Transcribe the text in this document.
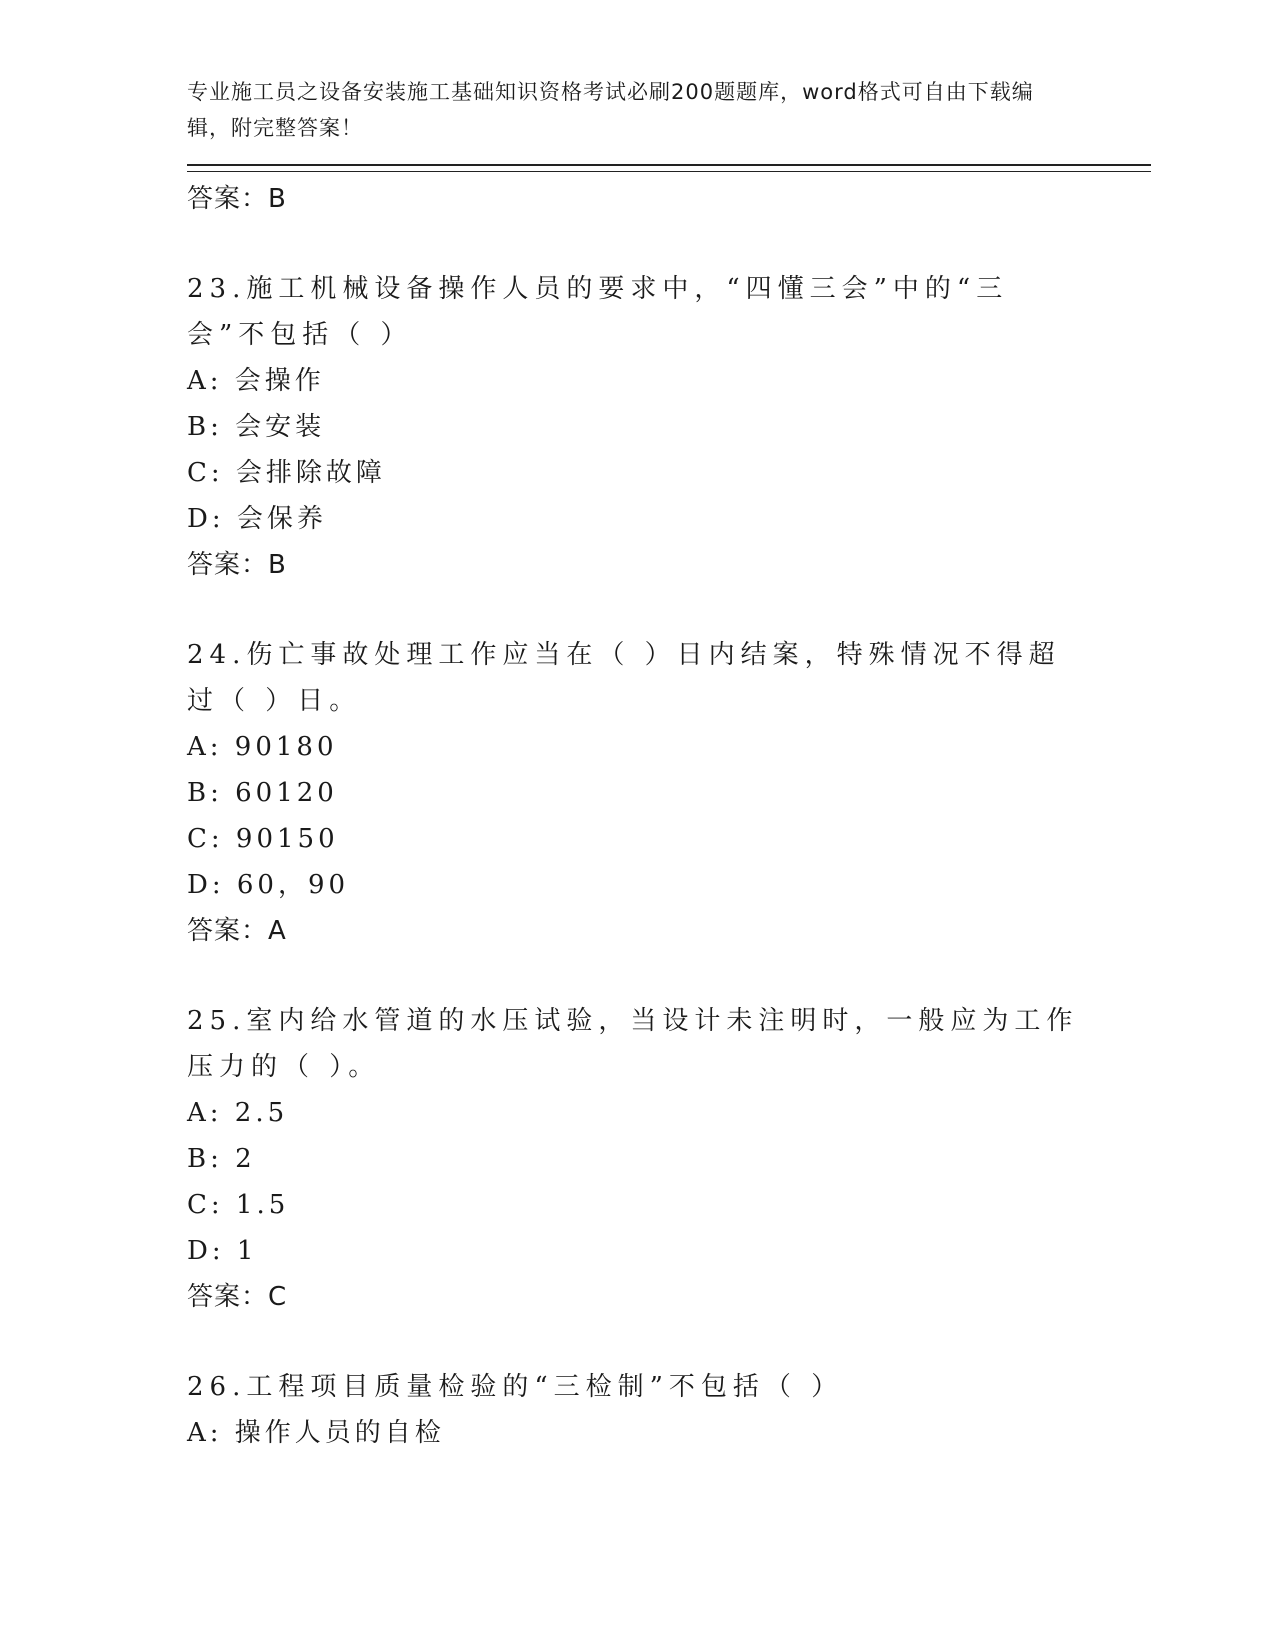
专业施工员之设备安装施工基础知识资格考试必刷200题题库，word格式可自由下载编辑，附完整答案！
答案：B
23.施工机械设备操作人员的要求中，“四懂三会”中的“三会”不包括（ ）
A: 会操作
B: 会安装
C: 会排除故障
D: 会保养
答案：B
24.伤亡事故处理工作应当在（ ）日内结案，特殊情况不得超过（ ）日。
A: 90180
B: 60120
C: 90150
D: 60，90
答案：A
25.室内给水管道的水压试验，当设计未注明时，一般应为工作压力的（ ）。
A: 2.5
B: 2
C: 1.5
D: 1
答案：C
26.工程项目质量检验的“三检制”不包括（ ）
A: 操作人员的自检
